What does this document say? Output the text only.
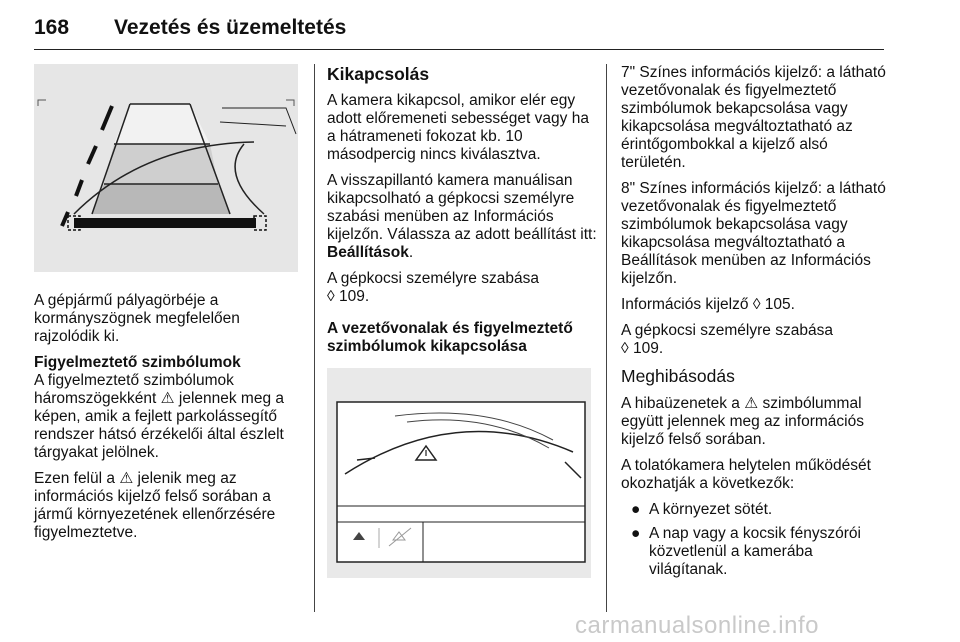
168 Vezetés és üzemeltetés

A gépjármű pályagörbéje a kormányszögnek megfelelően rajzolódik ki.

Figyelmeztető szimbólumok

A figyelmeztető szimbólumok háromszögekként ⚠ jelennek meg a képen, amik a fejlett parkolássegítő rendszer hátsó érzékelői által észlelt tárgyakat jelölnek.

Ezen felül a ⚠ jelenik meg az információs kijelző felső sorában a jármű környezetének ellenőrzésére figyelmeztetve.

Kikapcsolás

A kamera kikapcsol, amikor elér egy adott előremeneti sebességet vagy ha a hátrameneti fokozat kb. 10 másodpercig nincs kiválasztva.

A visszapillantó kamera manuálisan kikapcsolható a gépkocsi személyre szabási menüben az Információs kijelzőn. Válassza az adott beállítást itt: Beállítások.

A gépkocsi személyre szabása
◊ 109.

A vezetővonalak és figyelmeztető szimbólumok kikapcsolása

7" Színes információs kijelző: a látható vezetővonalak és figyelmeztető szimbólumok bekapcsolása vagy kikapcsolása megváltoztatható az érintőgombokkal a kijelző alsó területén.

8" Színes információs kijelző: a látható vezetővonalak és figyelmeztető szimbólumok bekapcsolása vagy kikapcsolása megváltoztatható a Beállítások menüben az Információs kijelzőn.

Információs kijelző ◊ 105.

A gépkocsi személyre szabása
◊ 109.

Meghibásodás

A hibaüzenetek a ⚠ szimbólummal együtt jelennek meg az információs kijelző felső sorában.

A tolatókamera helytelen működését okozhatják a következők:

● A környezet sötét.
● A nap vagy a kocsik fényszórói közvetlenül a kamerába világítanak.
carmanualsonline.info
